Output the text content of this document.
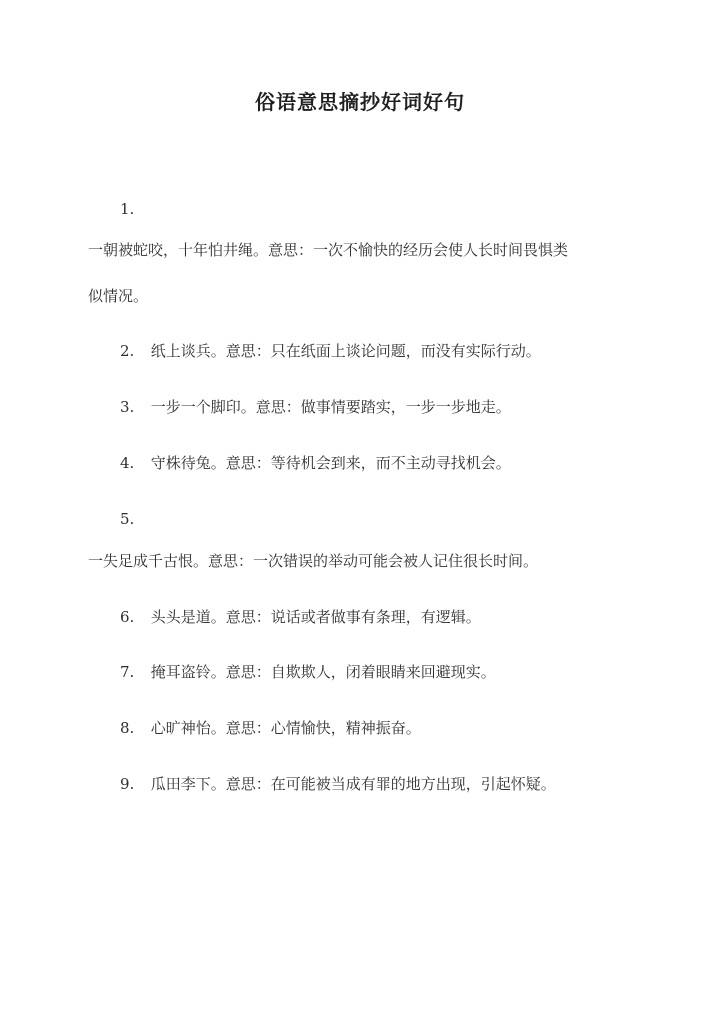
俗语意思摘抄好词好句
1.
一朝被蛇咬，十年怕井绳。意思：一次不愉快的经历会使人长时间畏惧类
似情况。
2. 纸上谈兵。意思：只在纸面上谈论问题，而没有实际行动。
3. 一步一个脚印。意思：做事情要踏实，一步一步地走。
4. 守株待兔。意思：等待机会到来，而不主动寻找机会。
5.
一失足成千古恨。意思：一次错误的举动可能会被人记住很长时间。
6. 头头是道。意思：说话或者做事有条理，有逻辑。
7. 掩耳盗铃。意思：自欺欺人，闭着眼睛来回避现实。
8. 心旷神怡。意思：心情愉快，精神振奋。
9. 瓜田李下。意思：在可能被当成有罪的地方出现，引起怀疑。
